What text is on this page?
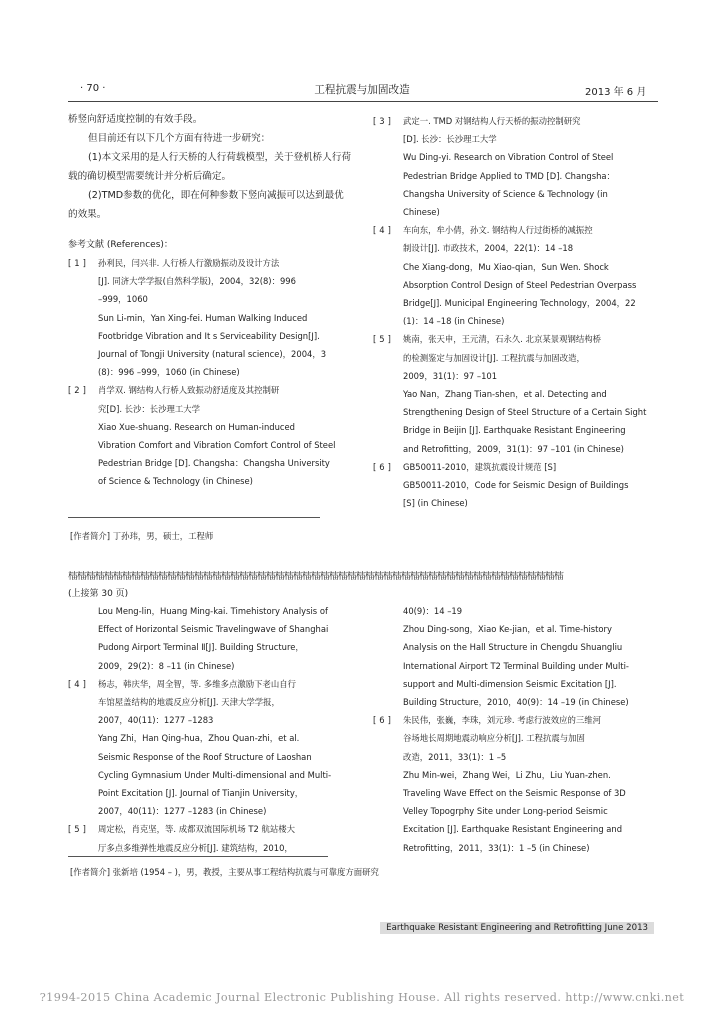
· 70 ·	工程抗震与加固改造	2013 年 6 月
桥竖向舒适度控制的有效手段。
但目前还有以下几个方面有待进一步研究：
(1)本文采用的是人行天桥的人行荷载模型，关于登机桥人行荷载的确切模型需要统计并分析后确定。
(2)TMD参数的优化，即在何种参数下竖向减振可以达到最优的效果。
参考文献 (References)：
[1]	孙利民，闫兴非. 人行桥人行激励振动及设计方法
[J]. 同济大学学报(自然科学版)，2004，32(8)：996
–999，1060
Sun Li-min，Yan Xing-fei. Human Walking Induced
Footbridge Vibration and It s Serviceability Design[J].
Journal of Tongji University (natural science)，2004，3
(8)：996 –999，1060 (in Chinese)
[2]	肖学双. 钢结构人行桥人致振动舒适度及其控制研
究[D]. 长沙：长沙理工大学
Xiao Xue-shuang. Research on Human-induced
Vibration Comfort and Vibration Comfort Control of Steel
Pedestrian Bridge [D]. Changsha：Changsha University
of Science & Technology (in Chinese)
[3]	武定一. TMD 对钢结构人行天桥的振动控制研究
[D]. 长沙：长沙理工大学
Wu Ding-yi. Research on Vibration Control of Steel
Pedestrian Bridge Applied to TMD [D]. Changsha：
Changsha University of Science & Technology (in
Chinese)
[4]	车向东，牟小倩，孙文. 钢结构人行过街桥的减振控
制设计[J]. 市政技术，2004，22(1)：14 –18
Che Xiang-dong，Mu Xiao-qian，Sun Wen. Shock
Absorption Control Design of Steel Pedestrian Overpass
Bridge[J]. Municipal Engineering Technology，2004，22
(1)：14 –18 (in Chinese)
[5]	姚南，张天申，王元清，石永久. 北京某景观钢结构桥
的检测鉴定与加固设计[J]. 工程抗震与加固改造，
2009，31(1)：97 –101
Yao Nan，Zhang Tian-shen，et al. Detecting and
Strengthening Design of Steel Structure of a Certain Sight
Bridge in Beijin [J]. Earthquake Resistant Engineering
and Retrofitting，2009，31(1)：97 –101 (in Chinese)
[6]	GB50011-2010，建筑抗震设计规范 [S]
GB50011-2010，Code for Seismic Design of Buildings
[S] (in Chinese)
[作者简介] 丁孙玮，男，硕士，工程师
檑檑檑檑檑檑檑檑檑檑檑檑檑檑檑檑檑檑檑檑檑檑檑檑檑檑檑檑檑檑檑檑檑檑檑檑檑檑檑檑檑檑檑檑檑檑檑檑檑檑檑檑檑檑檑
(上接第 30 页)
Lou Meng-lin，Huang Ming-kai. Timehistory Analysis of
Effect of Horizontal Seismic Travelingwave of Shanghai
Pudong Airport Terminal Ⅱ[J]. Building Structure，
2009，29(2)：8 –11 (in Chinese)
[4]	杨志，韩庆华，周全智，等. 多维多点激励下老山自行
车馆屋盖结构的地震反应分析[J]. 天津大学学报，
2007，40(11)：1277 –1283
Yang Zhi，Han Qing-hua，Zhou Quan-zhi，et al.
Seismic Response of the Roof Structure of Laoshan
Cycling Gymnasium Under Multi-dimensional and Multi-
Point Excitation [J]. Journal of Tianjin University，
2007，40(11)：1277 –1283 (in Chinese)
[5]	周定松，肖克坚，等. 成都双流国际机场 T2 航站楼大
厅多点多维弹性地震反应分析[J]. 建筑结构，2010，
40(9)：14 –19
Zhou Ding-song，Xiao Ke-jian，et al. Time-history
Analysis on the Hall Structure in Chengdu Shuangliu
International Airport T2 Terminal Building under Multi-
support and Multi-dimension Seismic Excitation [J].
Building Structure，2010，40(9)：14 –19 (in Chinese)
[6]	朱民伟，张巍，李珠，刘元珍. 考虑行波效应的三维河
谷场地长周期地震动响应分析[J]. 工程抗震与加固
改造，2011，33(1)：1 –5
Zhu Min-wei，Zhang Wei，Li Zhu，Liu Yuan-zhen.
Traveling Wave Effect on the Seismic Response of 3D
Velley Topogrphy Site under Long-period Seismic
Excitation [J]. Earthquake Resistant Engineering and
Retrofitting，2011，33(1)：1 –5 (in Chinese)
[作者简介] 张新培 (1954 – )，男，教授，主要从事工程结构抗震与可靠度方面研究
Earthquake Resistant Engineering and Retrofitting June 2013
?1994-2015 China Academic Journal Electronic Publishing House. All rights reserved. http://www.cnki.net
